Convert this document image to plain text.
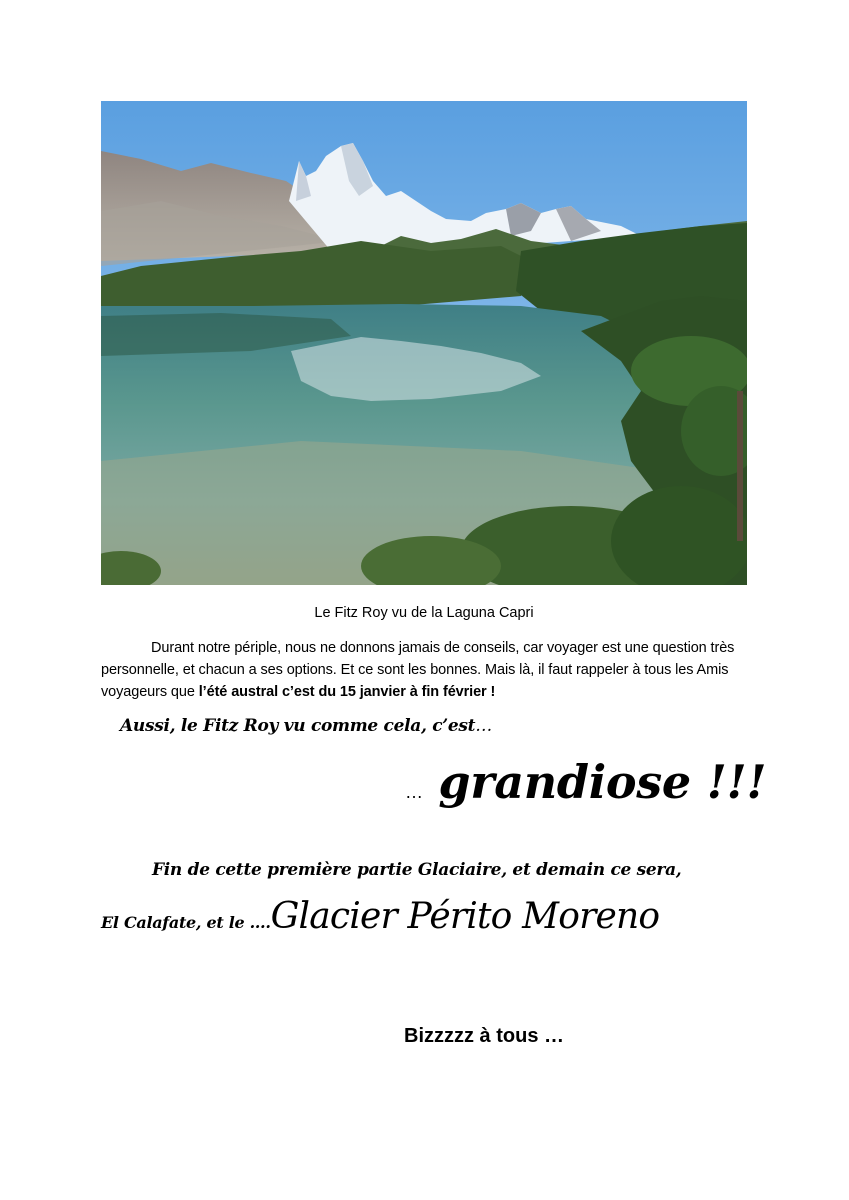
Le Fitz Roy vu de la Laguna Capri
Durant notre périple, nous ne donnons jamais de conseils, car voyager est une question très personnelle, et chacun a ses options. Et ce sont les bonnes. Mais là, il faut rappeler à tous les Amis voyageurs que l’été austral c’est du 15 janvier à fin février !
Aussi, le Fitz Roy vu comme cela, c’est…
… grandiose !!!
Fin de cette première partie Glaciaire, et demain ce sera,
El Calafate, et le ….Glacier Périto Moreno
Bizzzzz à tous …
